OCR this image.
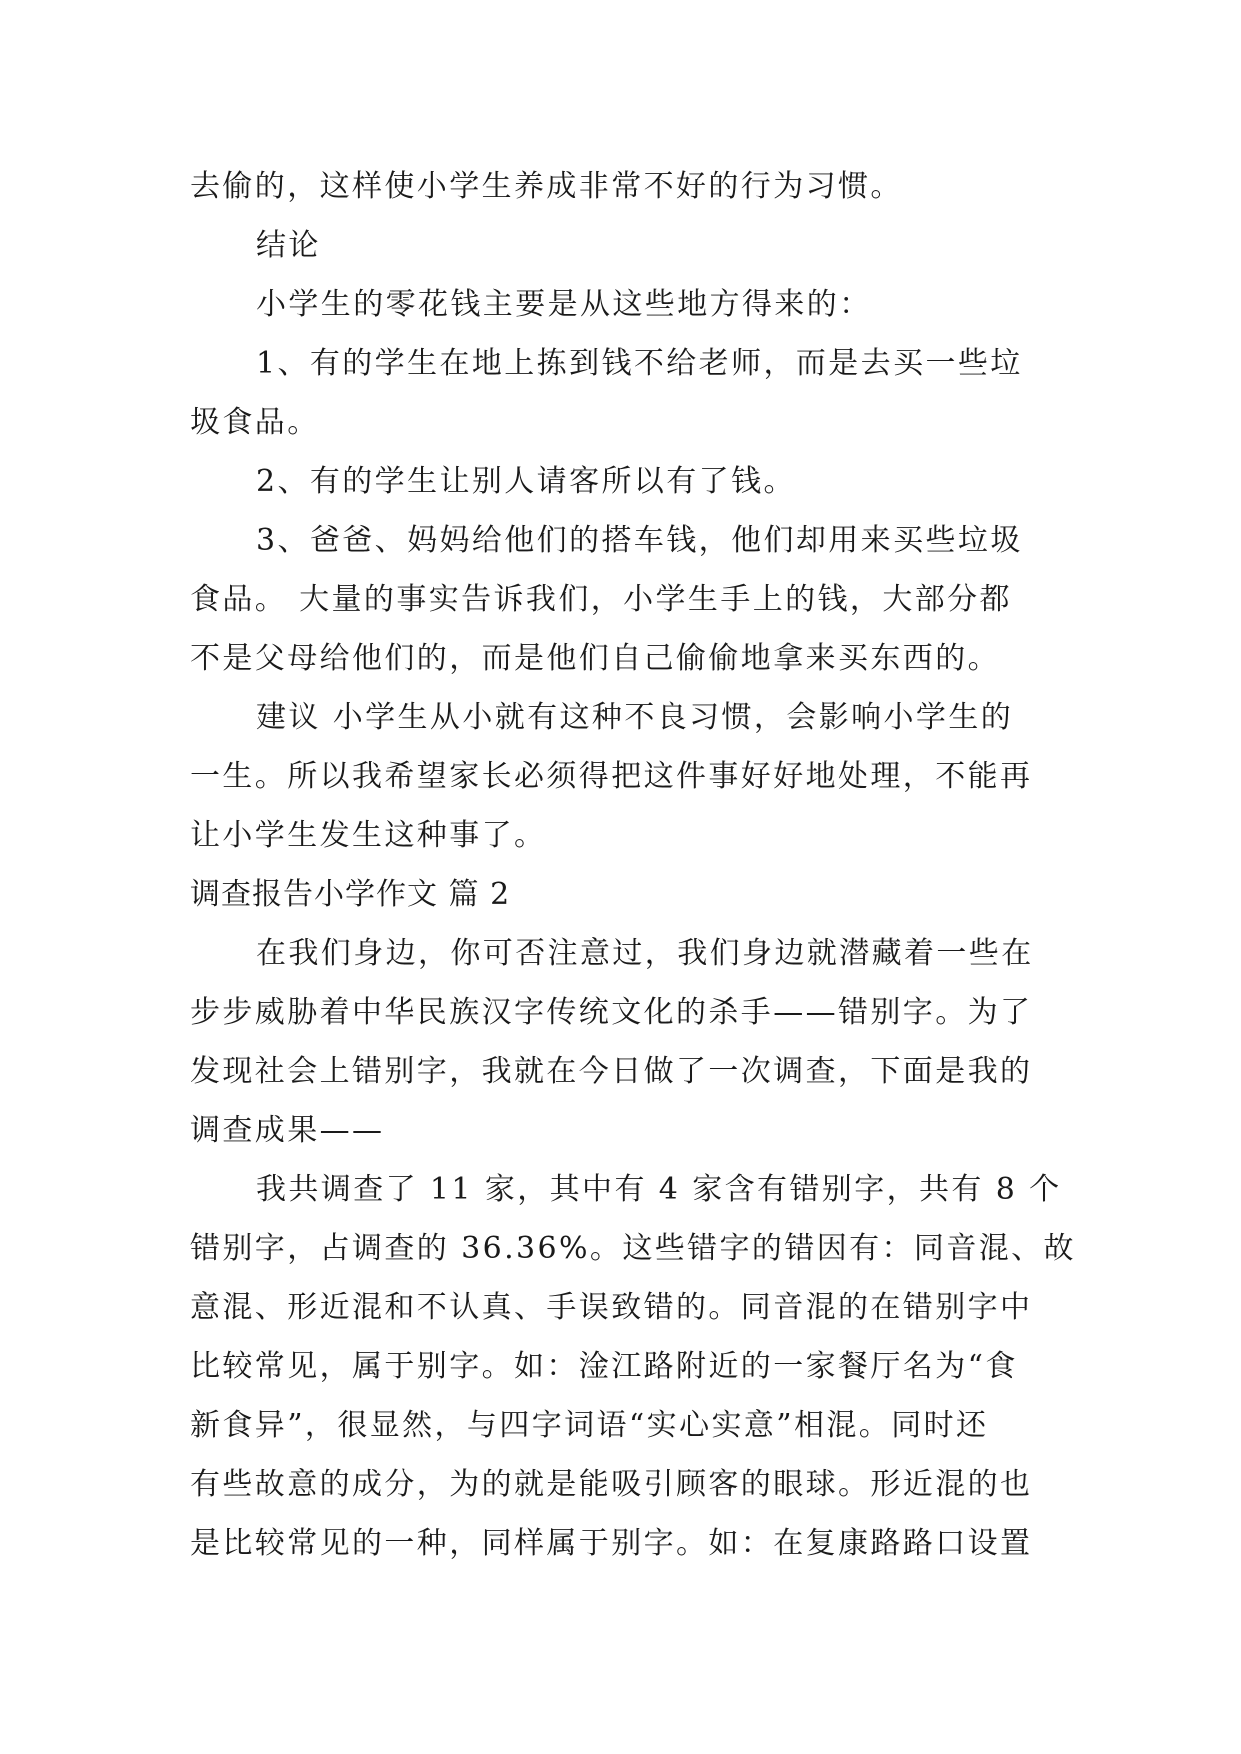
去偷的，这样使小学生养成非常不好的行为习惯。
结论
小学生的零花钱主要是从这些地方得来的：
1、有的学生在地上拣到钱不给老师，而是去买一些垃
圾食品。
2、有的学生让别人请客所以有了钱。
3、爸爸、妈妈给他们的搭车钱，他们却用来买些垃圾
食品。 大量的事实告诉我们，小学生手上的钱，大部分都
不是父母给他们的，而是他们自己偷偷地拿来买东西的。
建议 小学生从小就有这种不良习惯，会影响小学生的
一生。所以我希望家长必须得把这件事好好地处理，不能再
让小学生发生这种事了。
调查报告小学作文 篇 2
在我们身边，你可否注意过，我们身边就潜藏着一些在
步步威胁着中华民族汉字传统文化的杀手——错别字。为了
发现社会上错别字，我就在今日做了一次调查，下面是我的
调查成果——
我共调查了 11 家，其中有 4 家含有错别字，共有 8 个
错别字，占调查的 36.36%。这些错字的错因有：同音混、故
意混、形近混和不认真、手误致错的。同音混的在错别字中
比较常见，属于别字。如：淦江路附近的一家餐厅名为“食
新食异”，很显然，与四字词语“实心实意”相混。同时还
有些故意的成分，为的就是能吸引顾客的眼球。形近混的也
是比较常见的一种，同样属于别字。如：在复康路路口设置
